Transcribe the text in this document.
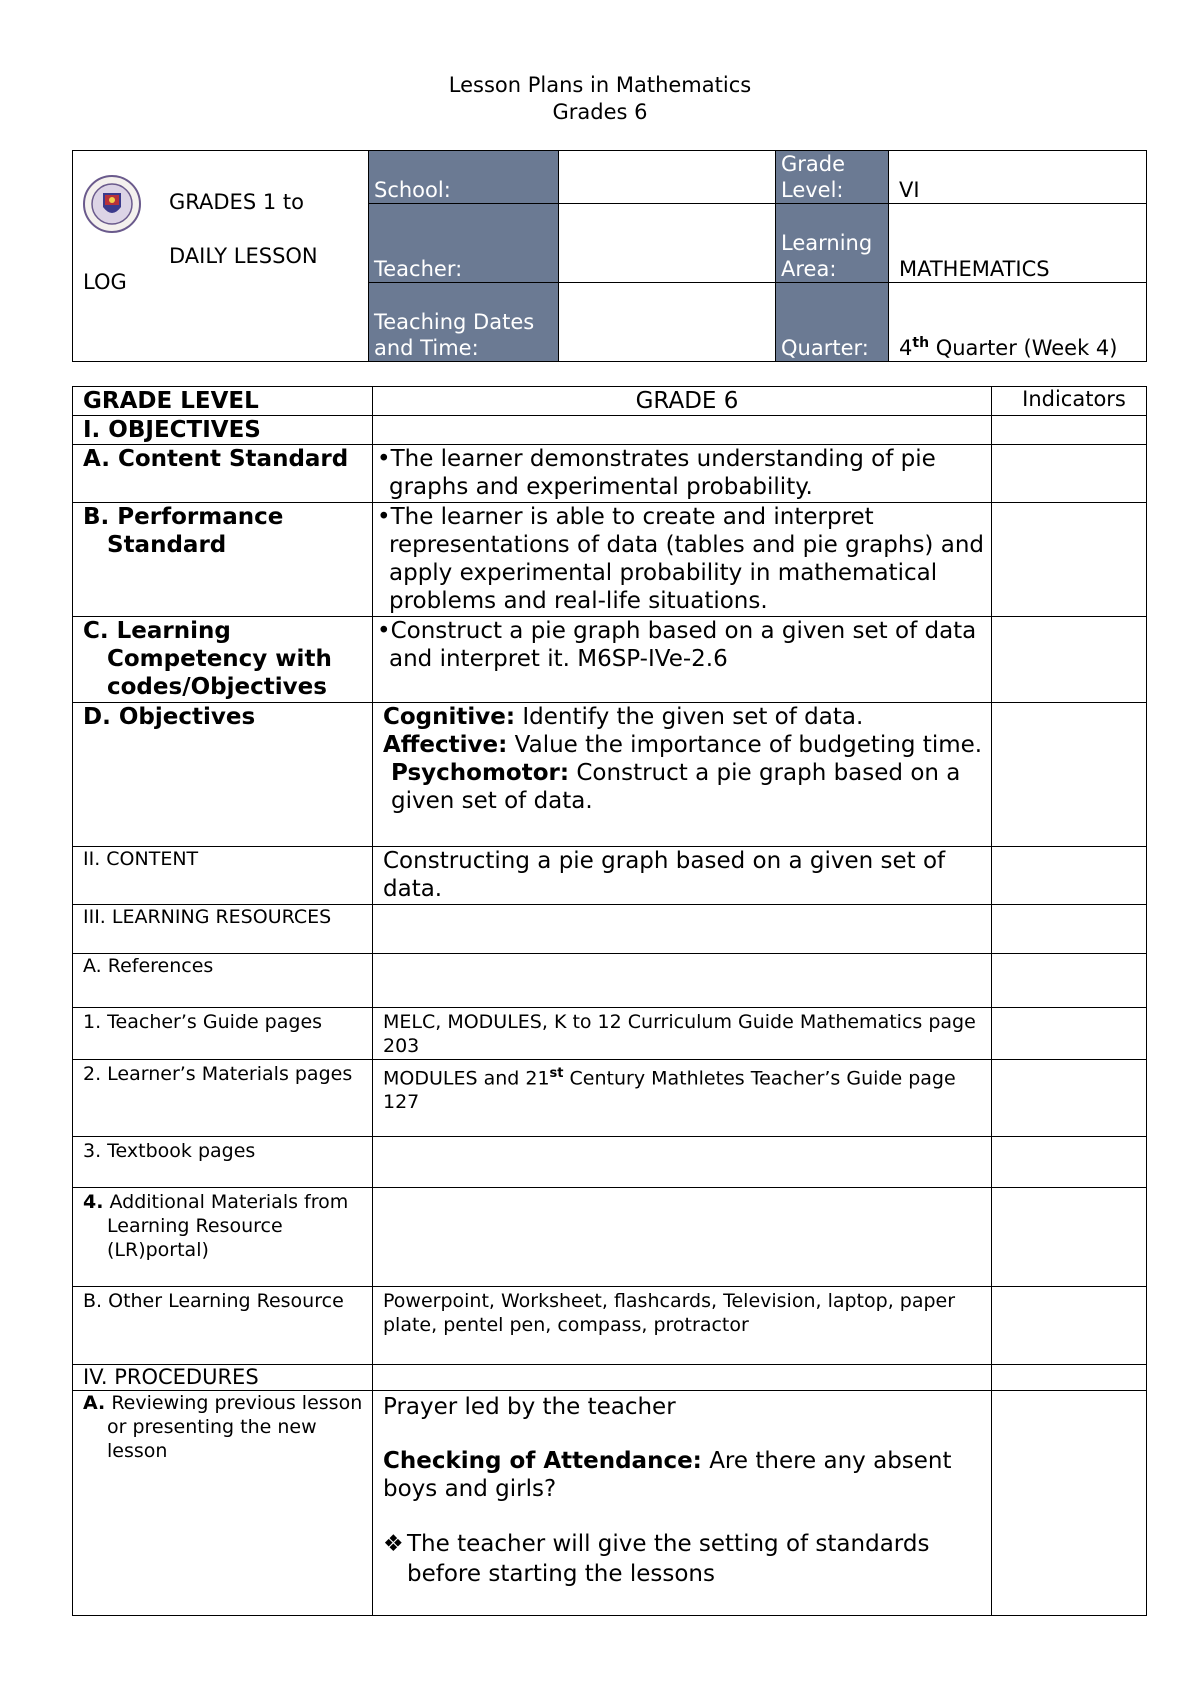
Lesson Plans in Mathematics
Grades 6
GRADES 1 to
DAILY LESSON
LOG	School:		Grade Level:	VI
	Teacher:		Learning Area:	MATHEMATICS
	Teaching Dates and Time:		Quarter:	4th Quarter (Week 4)
GRADE LEVEL	GRADE 6	Indicators
I. OBJECTIVES		

A. Content Standard	•The learner demonstrates understanding of pie graphs and experimental probability.	

B. Performance Standard	•The learner is able to create and interpret representations of data (tables and pie graphs) and apply experimental probability in mathematical problems and real-life situations.	

C. Learning Competency with codes/Objectives	•Construct a pie graph based on a given set of data and interpret it. M6SP-IVe-2.6	

D. Objectives	Cognitive: Identify the given set of data.
Affective: Value the importance of budgeting time.
Psychomotor: Construct a pie graph based on a given set of data.	

II. CONTENT	Constructing a pie graph based on a given set of data.	

III. LEARNING RESOURCES		

A. References		
1. Teacher’s Guide pages	MELC, MODULES, K to 12 Curriculum Guide Mathematics page 203	

2. Learner’s Materials pages	MODULES and 21st Century Mathletes Teacher’s Guide page 127	
3. Textbook pages		

4. Additional Materials from Learning Resource (LR)portal)		

B. Other Learning Resource	Powerpoint, Worksheet, flashcards, Television, laptop, paper plate, pentel pen, compass, protractor	
IV. PROCEDURES		

A. Reviewing previous lesson or presenting the new lesson	Prayer led by the teacher
Checking of Attendance: Are there any absent boys and girls?
❖ The teacher will give the setting of standards before starting the lessons	
